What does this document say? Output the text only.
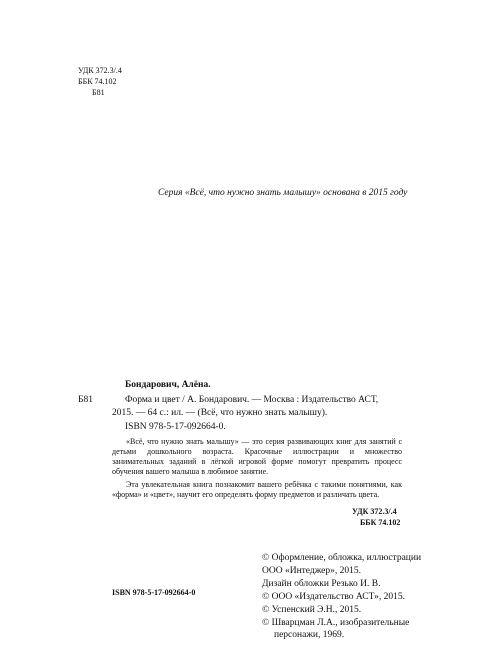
УДК 372.3/.4
ББК 74.102
Б81
Серия «Всё, что нужно знать малышу» основана в 2015 году
Бондарович, Алёна.
Б81	Форма и цвет / А. Бондарович. — Москва : Издательство АСТ,
2015. — 64 с.: ил. — (Всё, что нужно знать малышу).
ISBN 978-5-17-092664-0.
«Всё, что нужно знать малышу» — это серия развивающих книг для занятий с детьми дошкольного возраста. Красочные иллюстрации и множество занимательных заданий в лёгкой игровой форме помогут превратить процесс обучения вашего малыша в любимое занятие.
Эта увлекательная книга познакомит вашего ребёнка с такими понятиями, как «форма» и «цвет», научит его определять форму предметов и различать цвета.
УДК 372.3/.4
ББК 74.102
ISBN 978-5-17-092664-0
© Оформление, обложка, иллюстрации
ООО «Интеджер», 2015.
Дизайн обложки Резько И. В.
© ООО «Издательство АСТ», 2015.
© Успенский Э.Н., 2015.
© Шварцман Л.А., изобразительные
персонажи, 1969.
